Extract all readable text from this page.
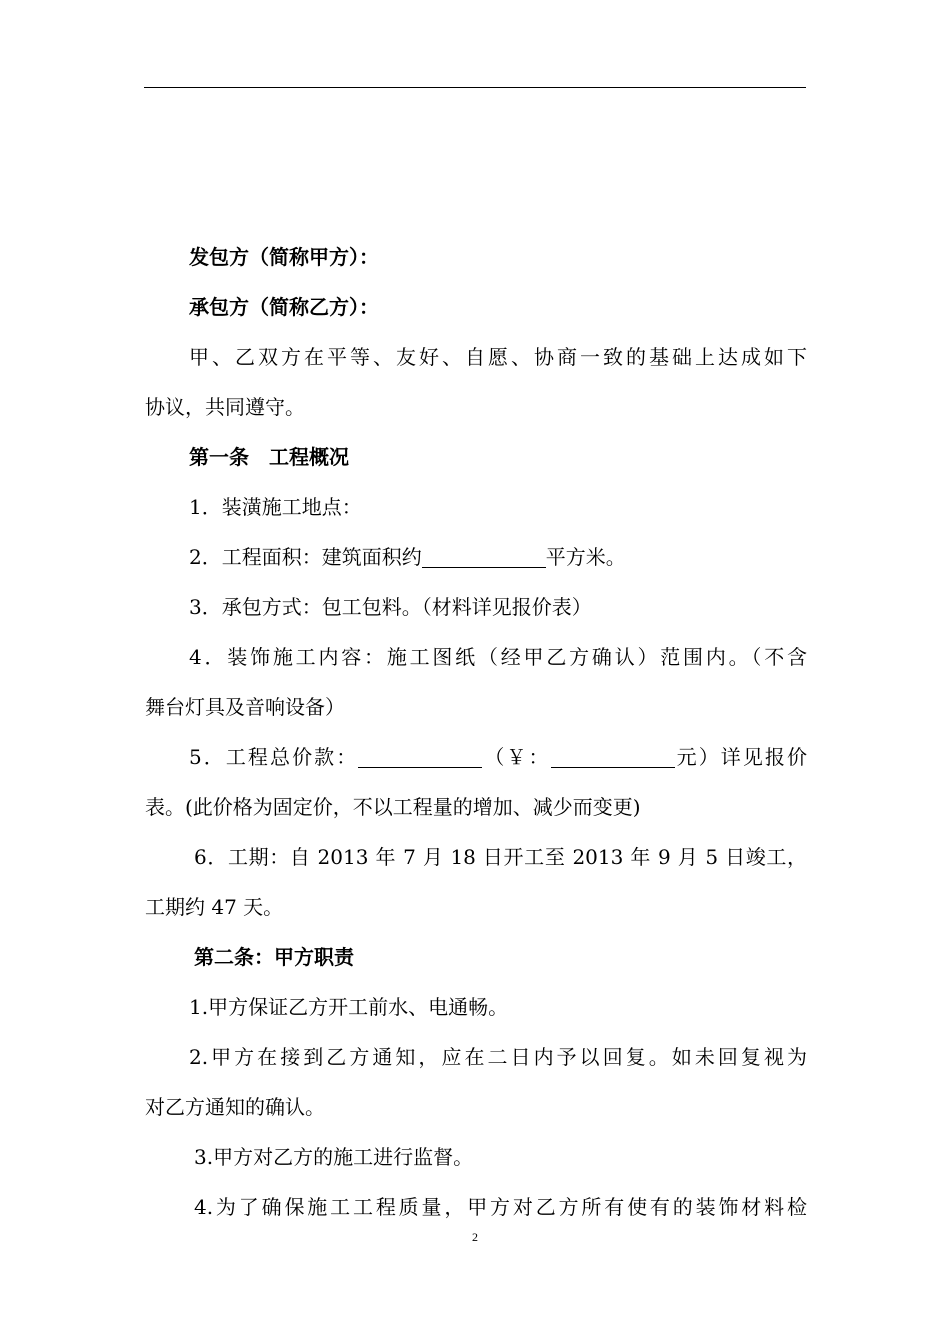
发包方（简称甲方）：
承包方（简称乙方）：
甲、乙双方在平等、友好、自愿、协商一致的基础上达成如下
协议，共同遵守。
第一条　工程概况
1．装潢施工地点：
2．工程面积：建筑面积约	平方米。
3．承包方式：包工包料。（材料详见报价表）
4．装饰施工内容：施工图纸（经甲乙方确认）范围内。（不含
舞台灯具及音响设备）
5．工程总价款：	（￥：	元）详见报价
表。(此价格为固定价，不以工程量的增加、减少而变更)
6．工期：自 2013 年 7 月 18 日开工至 2013 年 9 月 5 日竣工，
工期约 47 天。
第二条：甲方职责
1.甲方保证乙方开工前水、电通畅。
2.甲方在接到乙方通知，应在二日内予以回复。如未回复视为
对乙方通知的确认。
3.甲方对乙方的施工进行监督。
4.为了确保施工工程质量，甲方对乙方所有使有的装饰材料检
2
